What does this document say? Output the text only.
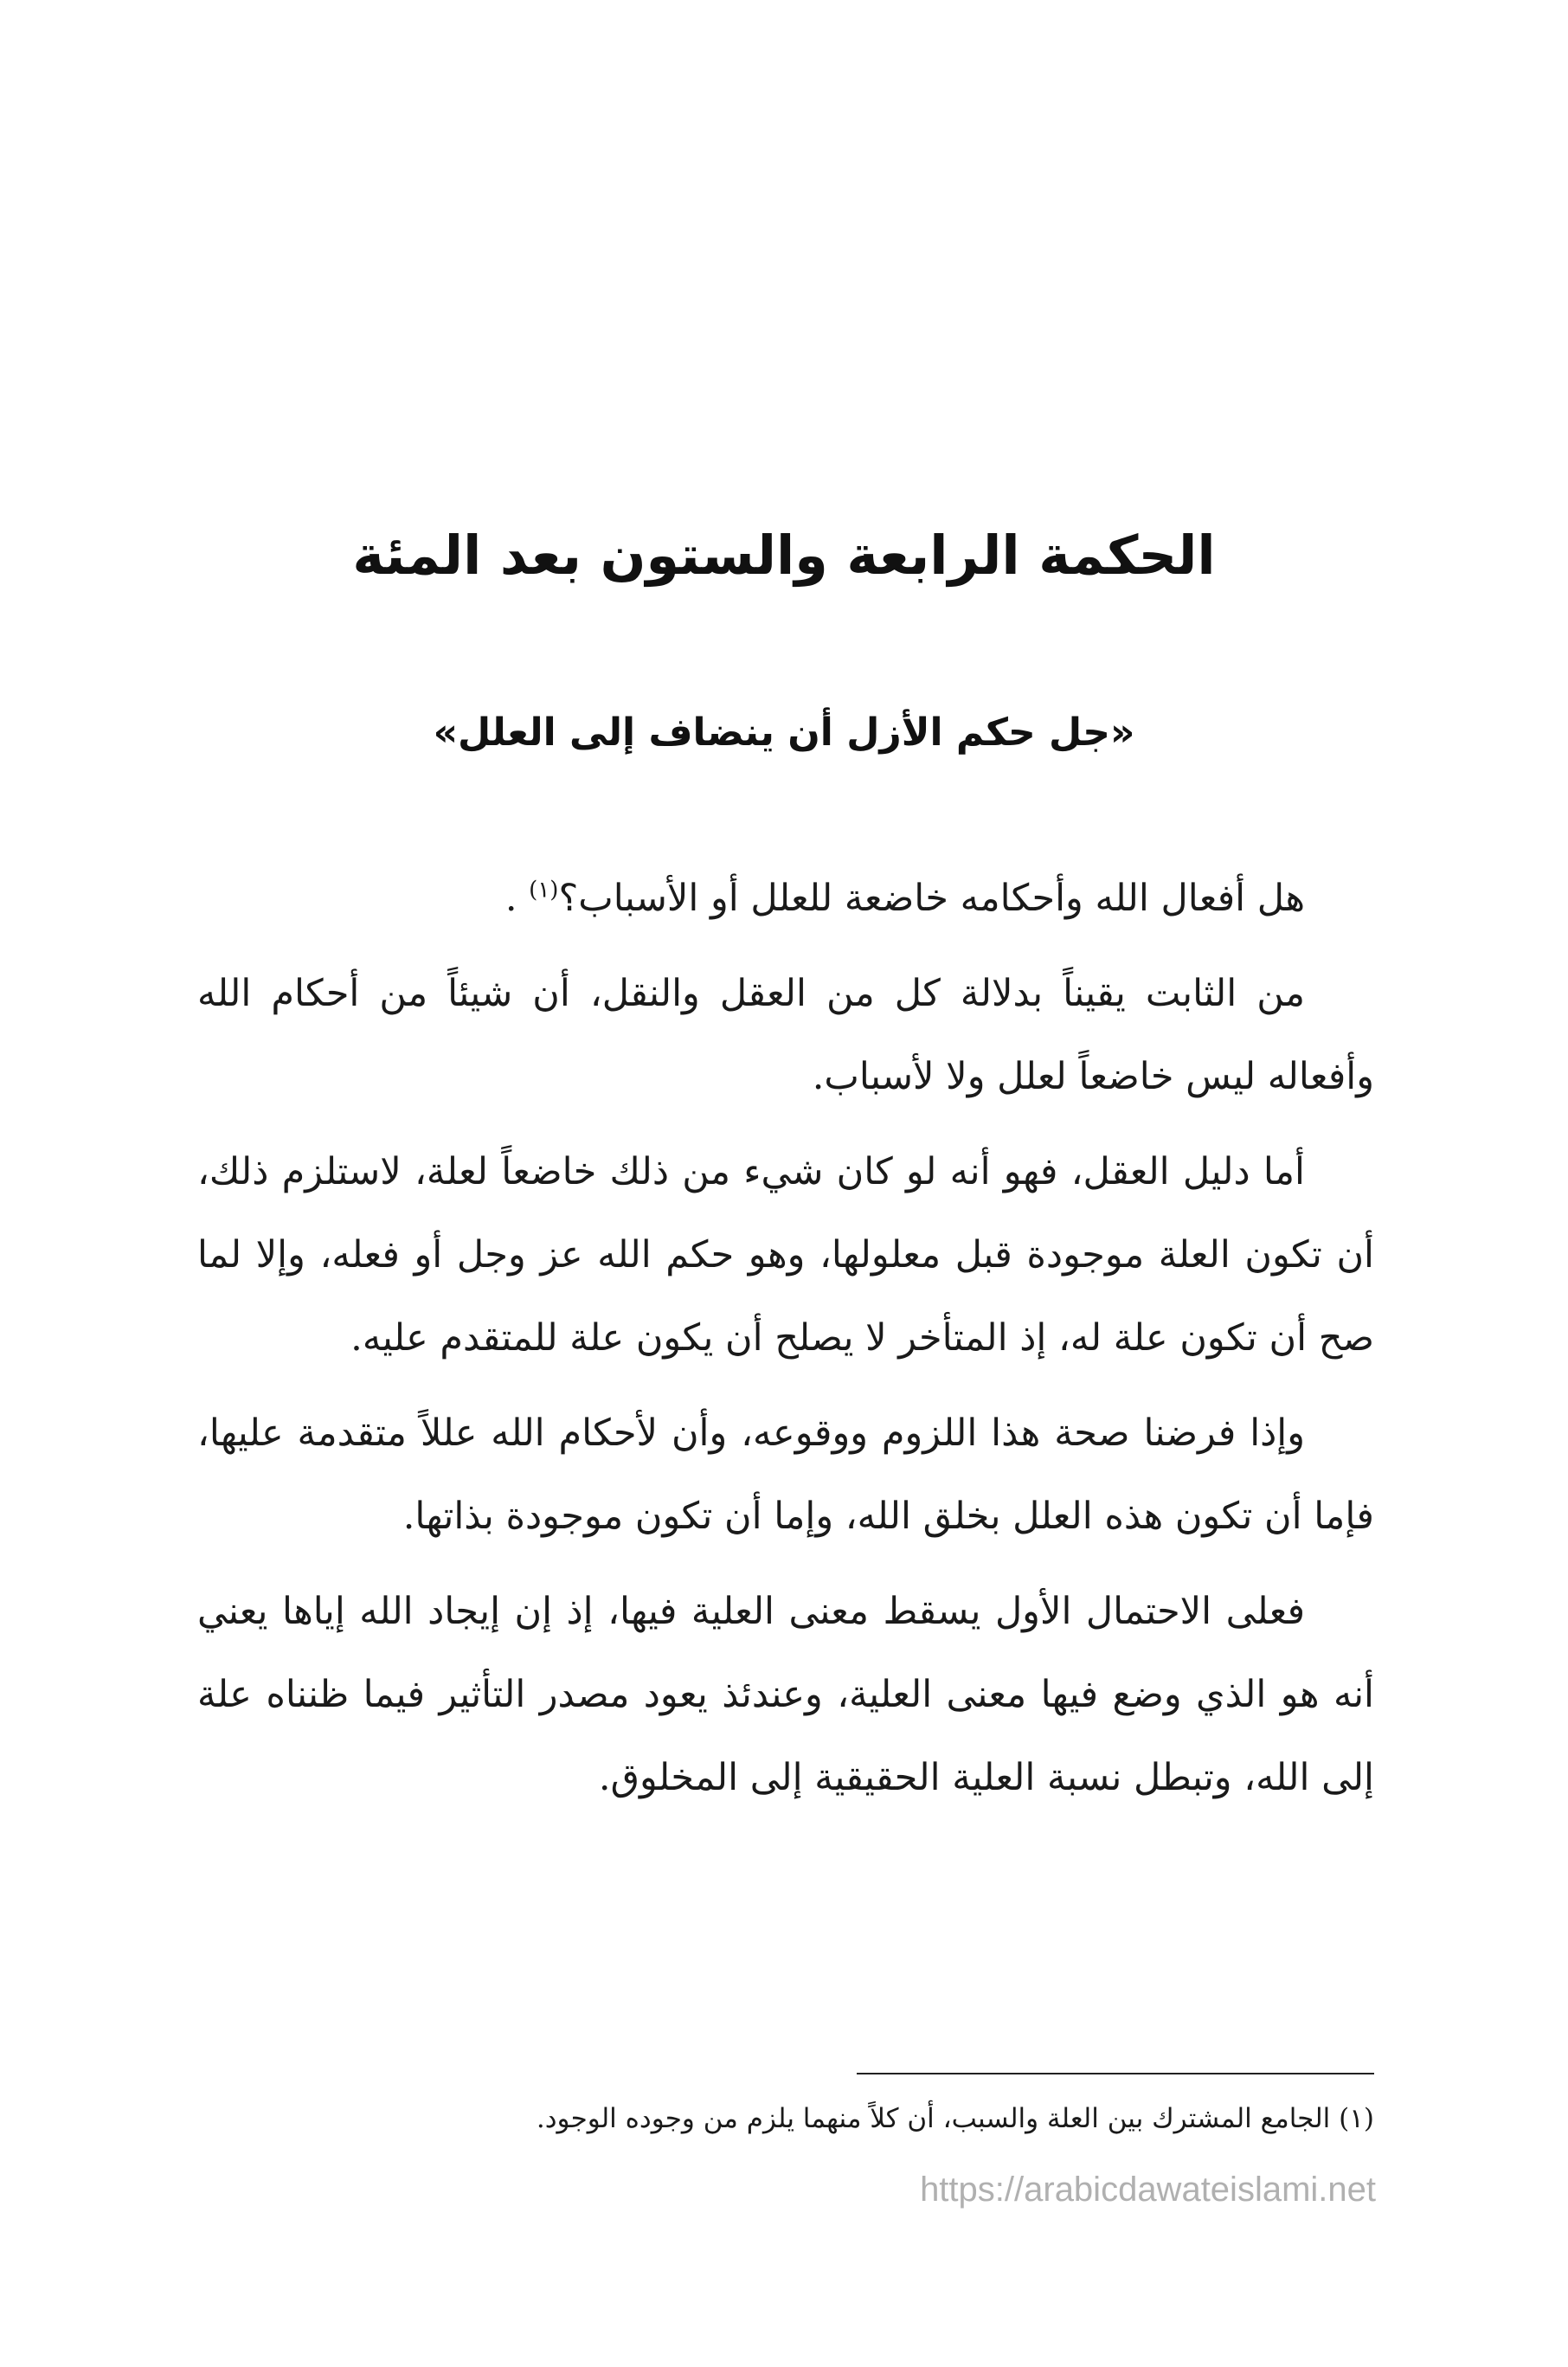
الحكمة الرابعة والستون بعد المئة
«جل حكم الأزل أن ينضاف إلى العلل»

هل أفعال الله وأحكامه خاضعة للعلل أو الأسباب؟$^{(١)}$ .

من الثابت يقيناً بدلالة كل من العقل والنقل، أن شيئاً من أحكام الله وأفعاله ليس خاضعاً لعلل ولا لأسباب.

أما دليل العقل، فهو أنه لو كان شيء من ذلك خاضعاً لعلة، لاستلزم ذلك، أن تكون العلة موجودة قبل معلولها، وهو حكم الله عز وجل أو فعله، وإلا لما صح أن تكون علة له، إذ المتأخر لا يصلح أن يكون علة للمتقدم عليه.

وإذا فرضنا صحة هذا اللزوم ووقوعه، وأن لأحكام الله عللاً متقدمة عليها، فإما أن تكون هذه العلل بخلق الله، وإما أن تكون موجودة بذاتها.

فعلى الاحتمال الأول يسقط معنى العلية فيها، إذ إن إيجاد الله إياها يعني أنه هو الذي وضع فيها معنى العلية، وعندئذ يعود مصدر التأثير فيما ظنناه علة إلى الله، وتبطل نسبة العلية الحقيقية إلى المخلوق.

(١) الجامع المشترك بين العلة والسبب، أن كلاً منهما يلزم من وجوده الوجود.
https://arabicdawateislami.net
